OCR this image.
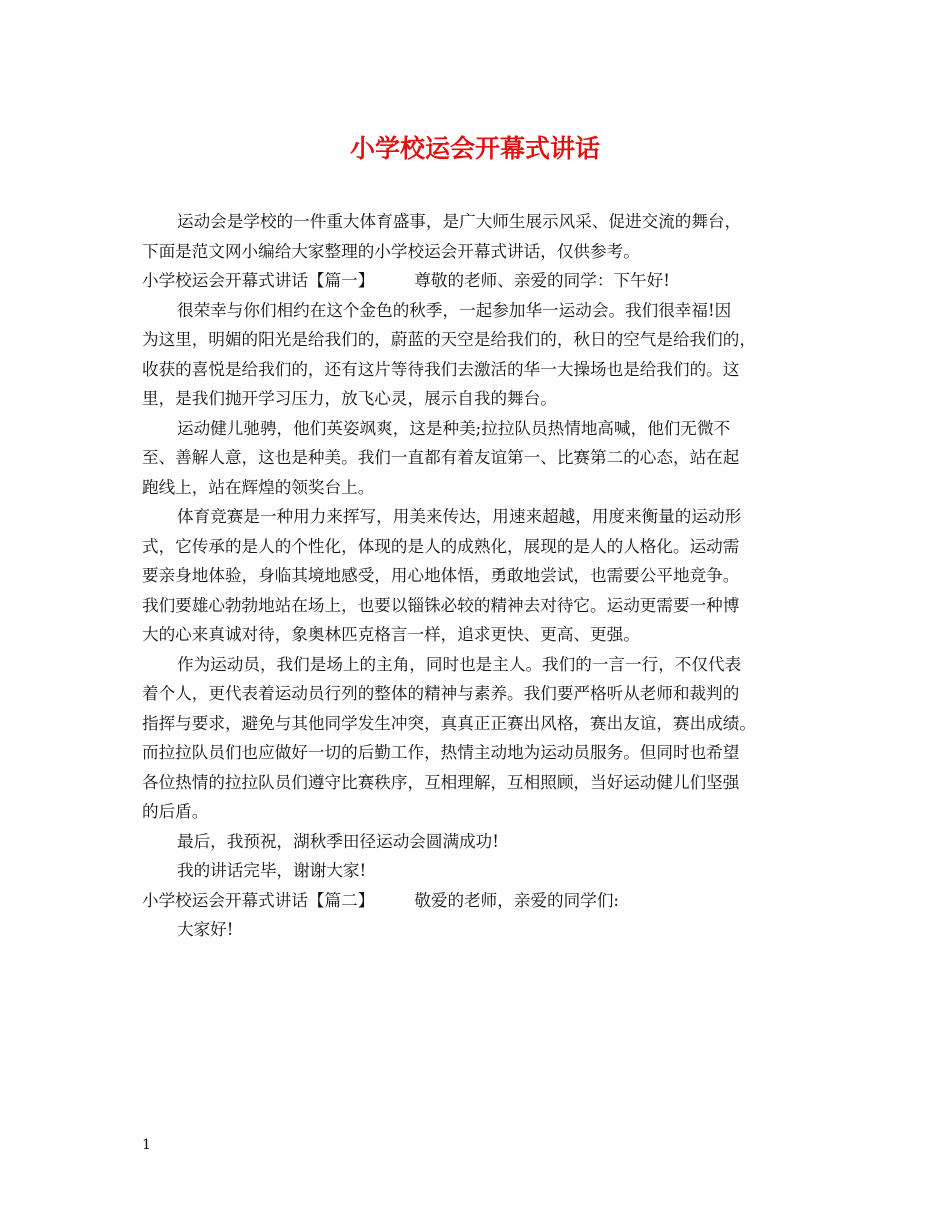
小学校运会开幕式讲话
运动会是学校的一件重大体育盛事，是广大师生展示风采、促进交流的舞台，
下面是范文网小编给大家整理的小学校运会开幕式讲话，仅供参考。
小学校运会开幕式讲话【篇一】 尊敬的老师、亲爱的同学：下午好!
很荣幸与你们相约在这个金色的秋季，一起参加华一运动会。我们很幸福!因
为这里，明媚的阳光是给我们的，蔚蓝的天空是给我们的，秋日的空气是给我们的，
收获的喜悦是给我们的，还有这片等待我们去激活的华一大操场也是给我们的。这
里，是我们抛开学习压力，放飞心灵，展示自我的舞台。
运动健儿驰骋，他们英姿飒爽，这是种美;拉拉队员热情地高喊，他们无微不
至、善解人意，这也是种美。我们一直都有着友谊第一、比赛第二的心态，站在起
跑线上，站在辉煌的领奖台上。
体育竞赛是一种用力来挥写，用美来传达，用速来超越，用度来衡量的运动形
式，它传承的是人的个性化，体现的是人的成熟化，展现的是人的人格化。运动需
要亲身地体验，身临其境地感受，用心地体悟，勇敢地尝试，也需要公平地竞争。
我们要雄心勃勃地站在场上，也要以锱铢必较的精神去对待它。运动更需要一种博
大的心来真诚对待，象奥林匹克格言一样，追求更快、更高、更强。
作为运动员，我们是场上的主角，同时也是主人。我们的一言一行，不仅代表
着个人，更代表着运动员行列的整体的精神与素养。我们要严格听从老师和裁判的
指挥与要求，避免与其他同学发生冲突，真真正正赛出风格，赛出友谊，赛出成绩。
而拉拉队员们也应做好一切的后勤工作，热情主动地为运动员服务。但同时也希望
各位热情的拉拉队员们遵守比赛秩序，互相理解，互相照顾，当好运动健儿们坚强
的后盾。
最后，我预祝，湖秋季田径运动会圆满成功!
我的讲话完毕，谢谢大家!
小学校运会开幕式讲话【篇二】 敬爱的老师，亲爱的同学们:
大家好!
1
